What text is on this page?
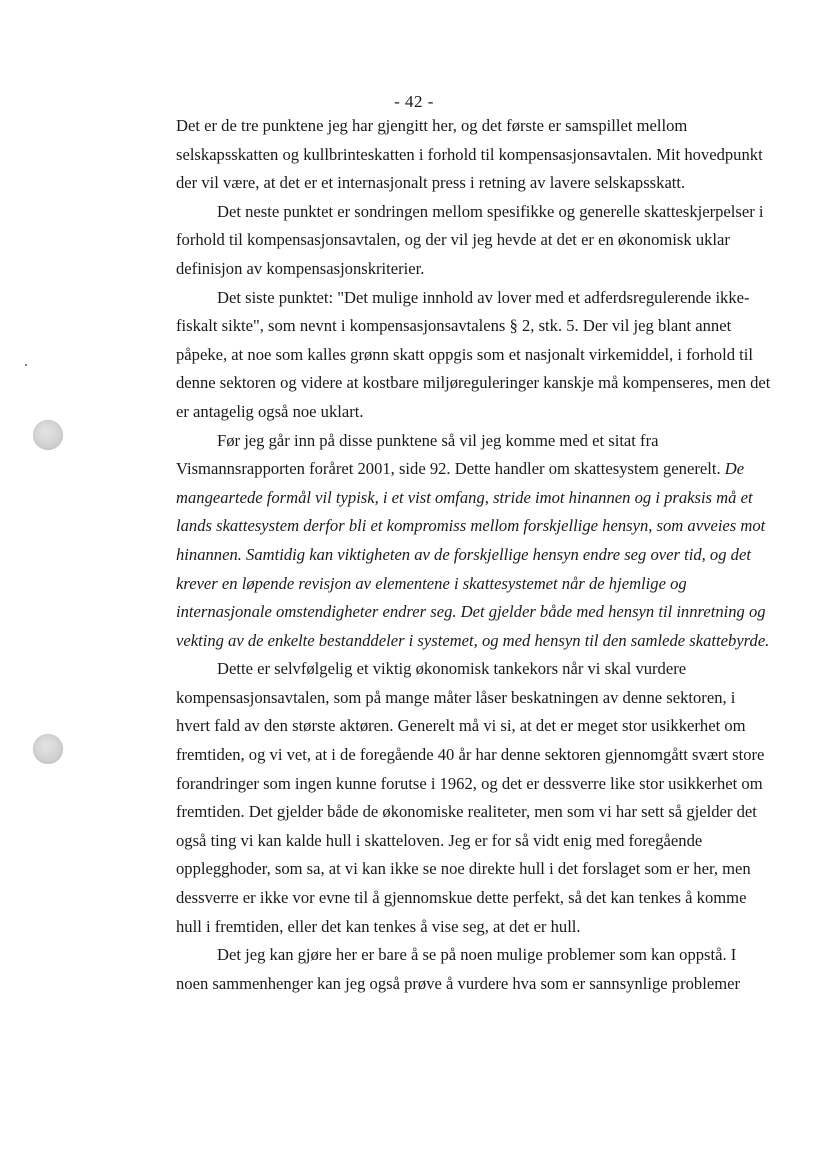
- 42 -

Det er de tre punktene jeg har gjengitt her, og det første er samspillet mellom selskapsskatten og kullbrinteskatten i forhold til kompensasjonsavtalen. Mit hovedpunkt der vil være, at det er et internasjonalt press i retning av lavere selskapsskatt.

Det neste punktet er sondringen mellom spesifikke og generelle skatteskjerpelser i forhold til kompensasjonsavtalen, og der vil jeg hevde at det er en økonomisk uklar definisjon av kompensasjonskriterier.

Det siste punktet: "Det mulige innhold av lover med et adferdsregulerende ikke-fiskalt sikte", som nevnt i kompensasjonsavtalens § 2, stk. 5. Der vil jeg blant annet påpeke, at noe som kalles grønn skatt oppgis som et nasjonalt virkemiddel, i forhold til denne sektoren og videre at kostbare miljøreguleringer kanskje må kompenseres, men det er antagelig også noe uklart.

Før jeg går inn på disse punktene så vil jeg komme med et sitat fra Vismannsrapporten foråret 2001, side 92. Dette handler om skattesystem generelt. De mangeartede formål vil typisk, i et vist omfang, stride imot hinannen og i praksis må et lands skattesystem derfor bli et kompromiss mellom forskjellige hensyn, som avveies mot hinannen. Samtidig kan viktigheten av de forskjellige hensyn endre seg over tid, og det krever en løpende revisjon av elementene i skattesystemet når de hjemlige og internasjonale omstendigheter endrer seg. Det gjelder både med hensyn til innretning og vekting av de enkelte bestanddeler i systemet, og med hensyn til den samlede skattebyrde.

Dette er selvfølgelig et viktig økonomisk tankekors når vi skal vurdere kompensasjonsavtalen, som på mange måter låser beskatningen av denne sektoren, i hvert fald av den største aktøren. Generelt må vi si, at det er meget stor usikkerhet om fremtiden, og vi vet, at i de foregående 40 år har denne sektoren gjennomgått svært store forandringer som ingen kunne forutse i 1962, og det er dessverre like stor usikkerhet om fremtiden. Det gjelder både de økonomiske realiteter, men som vi har sett så gjelder det også ting vi kan kalde hull i skatteloven. Jeg er for så vidt enig med foregående opplegghoder, som sa, at vi kan ikke se noe direkte hull i det forslaget som er her, men dessverre er ikke vor evne til å gjennomskue dette perfekt, så det kan tenkes å komme hull i fremtiden, eller det kan tenkes å vise seg, at det er hull.

Det jeg kan gjøre her er bare å se på noen mulige problemer som kan oppstå. I noen sammenhenger kan jeg også prøve å vurdere hva som er sannsynlige problemer
